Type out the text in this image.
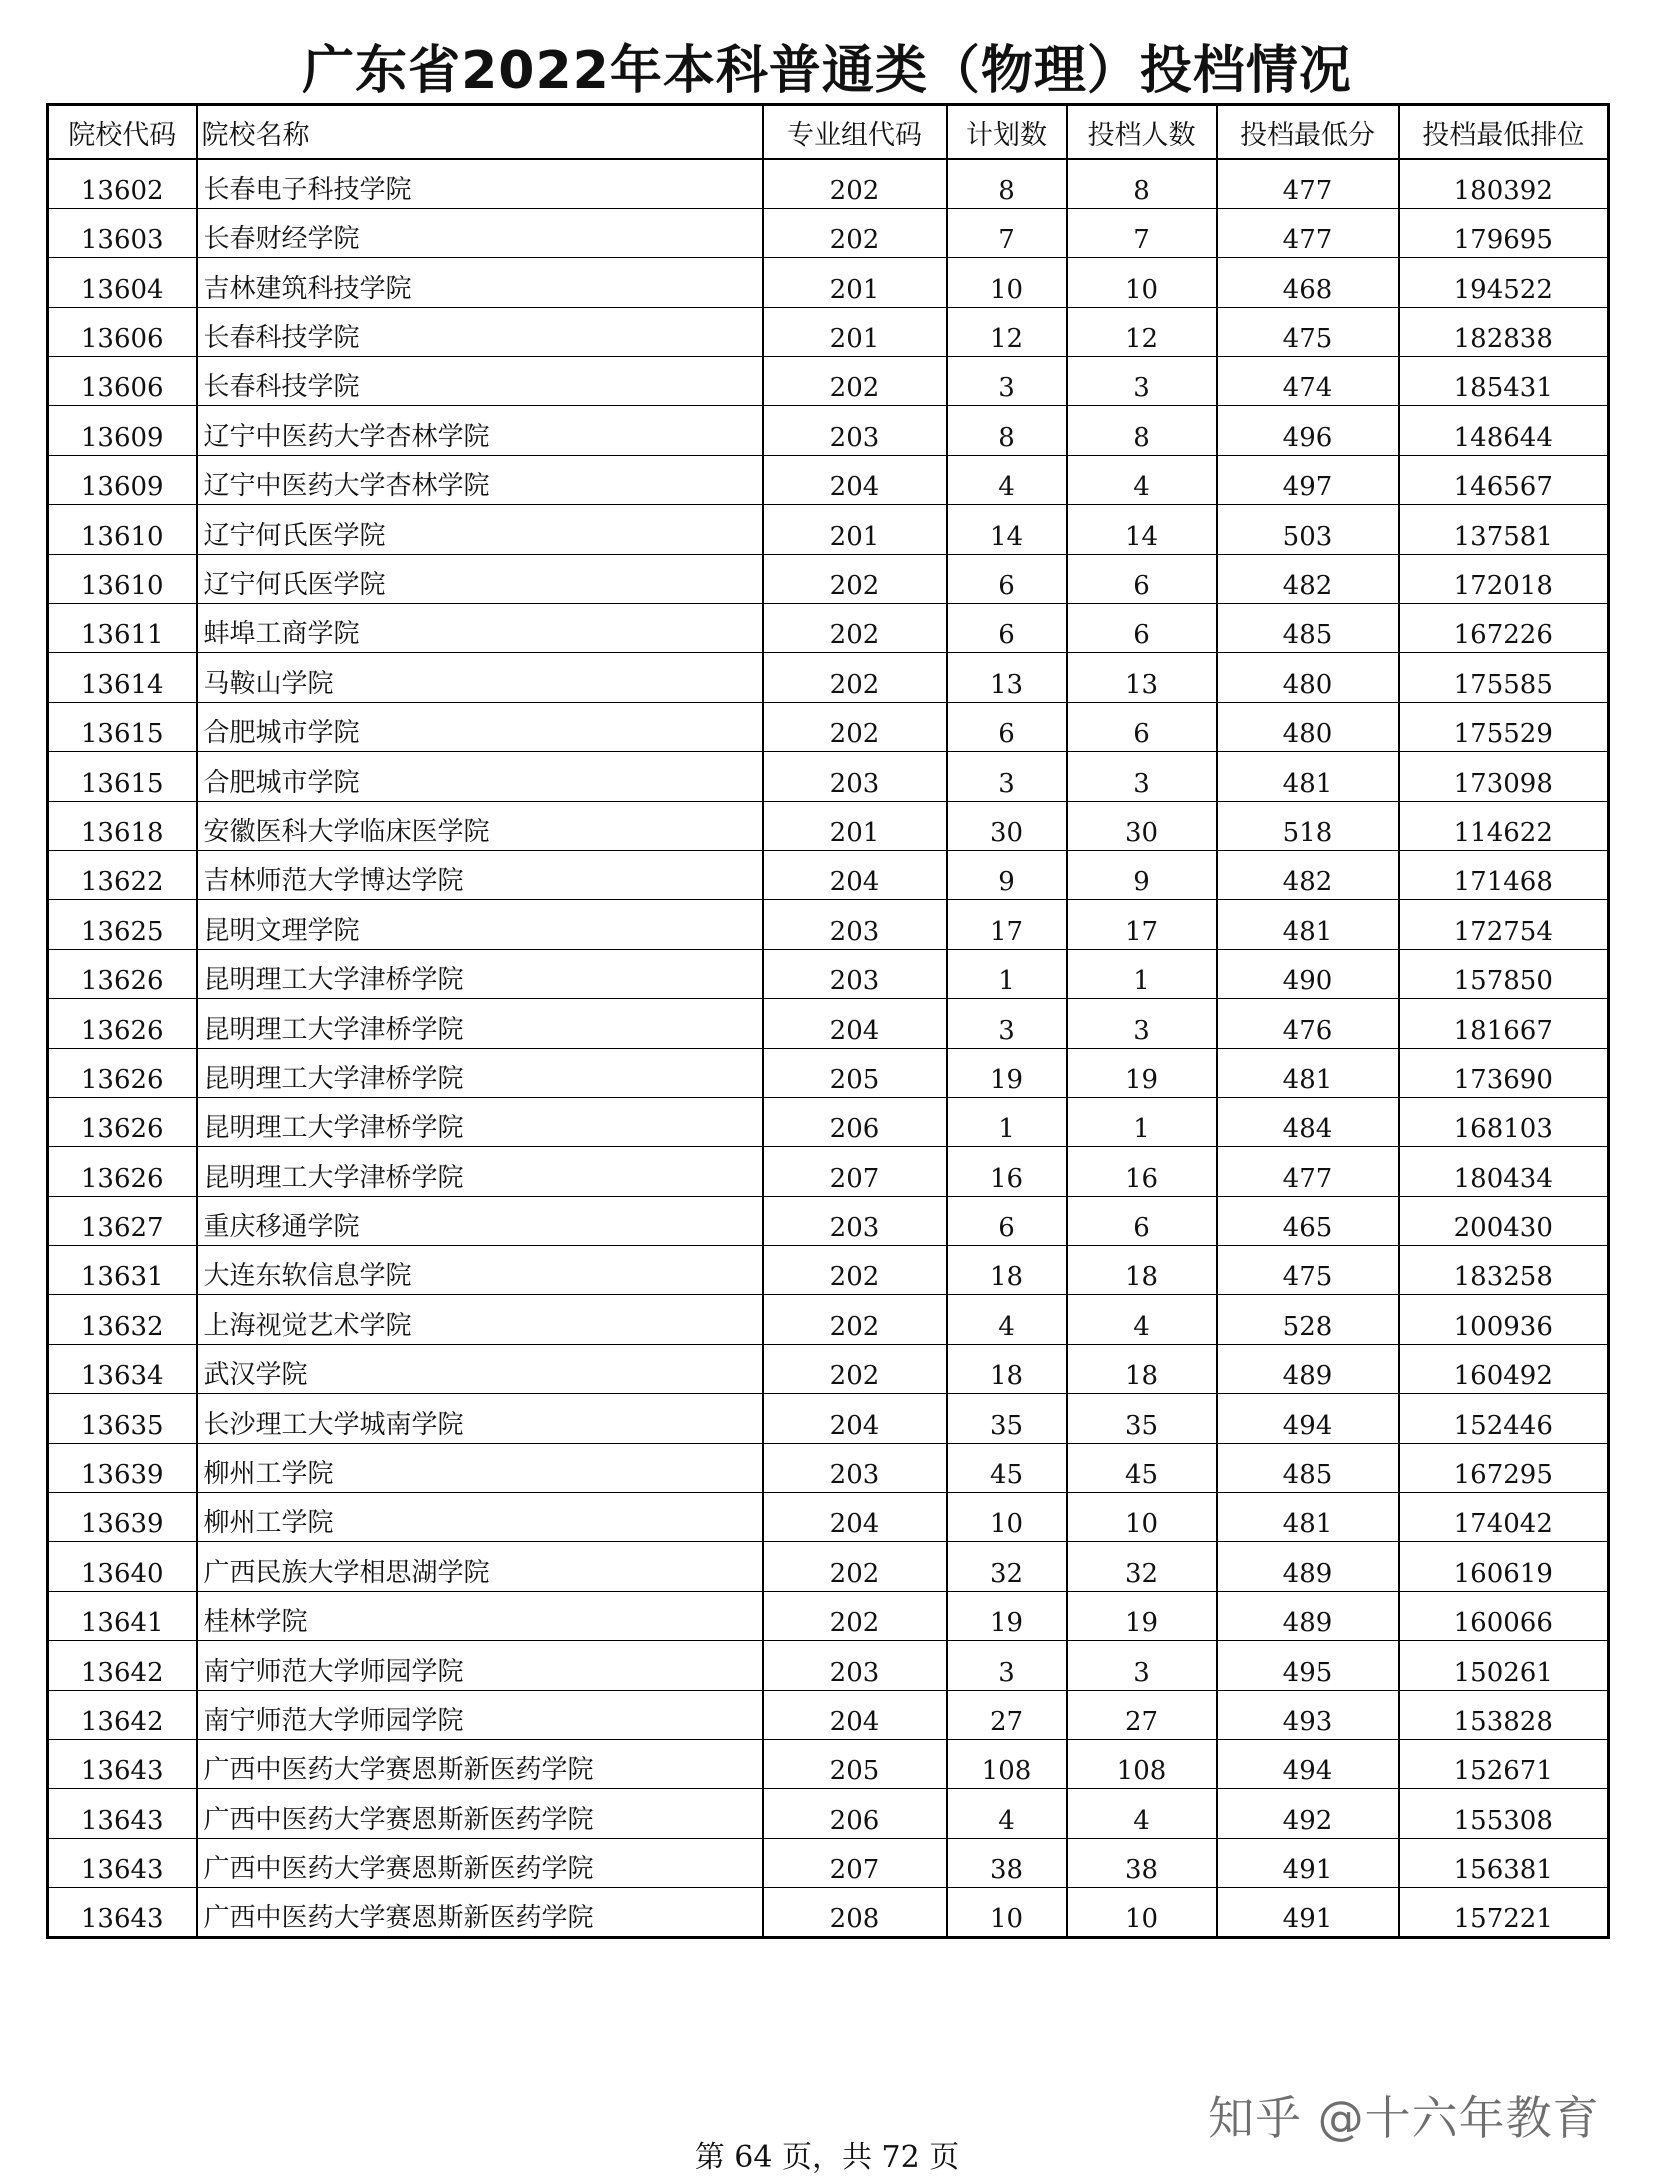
广东省2022年本科普通类（物理）投档情况
院校代码	院校名称	专业组代码	计划数	投档人数	投档最低分	投档最低排位
13602	长春电子科技学院	202	8	8	477	180392
13603	长春财经学院	202	7	7	477	179695
13604	吉林建筑科技学院	201	10	10	468	194522
13606	长春科技学院	201	12	12	475	182838
13606	长春科技学院	202	3	3	474	185431
13609	辽宁中医药大学杏林学院	203	8	8	496	148644
13609	辽宁中医药大学杏林学院	204	4	4	497	146567
13610	辽宁何氏医学院	201	14	14	503	137581
13610	辽宁何氏医学院	202	6	6	482	172018
13611	蚌埠工商学院	202	6	6	485	167226
13614	马鞍山学院	202	13	13	480	175585
13615	合肥城市学院	202	6	6	480	175529
13615	合肥城市学院	203	3	3	481	173098
13618	安徽医科大学临床医学院	201	30	30	518	114622
13622	吉林师范大学博达学院	204	9	9	482	171468
13625	昆明文理学院	203	17	17	481	172754
13626	昆明理工大学津桥学院	203	1	1	490	157850
13626	昆明理工大学津桥学院	204	3	3	476	181667
13626	昆明理工大学津桥学院	205	19	19	481	173690
13626	昆明理工大学津桥学院	206	1	1	484	168103
13626	昆明理工大学津桥学院	207	16	16	477	180434
13627	重庆移通学院	203	6	6	465	200430
13631	大连东软信息学院	202	18	18	475	183258
13632	上海视觉艺术学院	202	4	4	528	100936
13634	武汉学院	202	18	18	489	160492
13635	长沙理工大学城南学院	204	35	35	494	152446
13639	柳州工学院	203	45	45	485	167295
13639	柳州工学院	204	10	10	481	174042
13640	广西民族大学相思湖学院	202	32	32	489	160619
13641	桂林学院	202	19	19	489	160066
13642	南宁师范大学师园学院	203	3	3	495	150261
13642	南宁师范大学师园学院	204	27	27	493	153828
13643	广西中医药大学赛恩斯新医药学院	205	108	108	494	152671
13643	广西中医药大学赛恩斯新医药学院	206	4	4	492	155308
13643	广西中医药大学赛恩斯新医药学院	207	38	38	491	156381
13643	广西中医药大学赛恩斯新医药学院	208	10	10	491	157221
知乎 @十六年教育
第 64 页，共 72 页
